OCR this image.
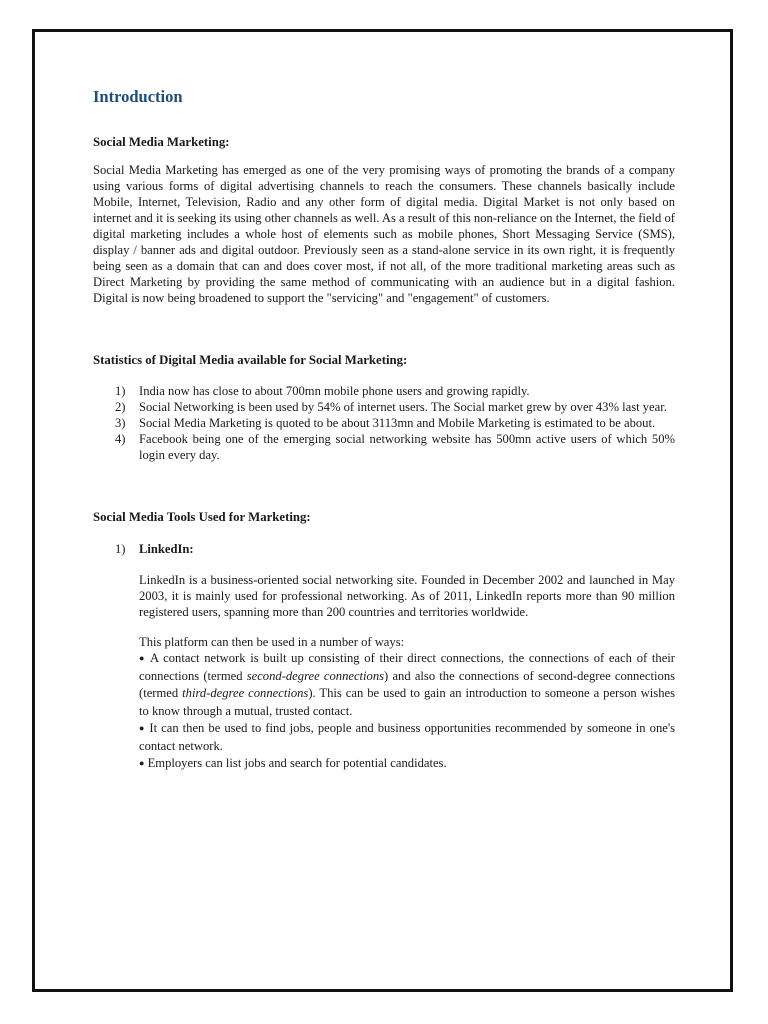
Introduction
Social Media Marketing:

Social Media Marketing has emerged as one of the very promising ways of promoting the brands of a company using various forms of digital advertising channels to reach the consumers. These channels basically include Mobile, Internet, Television, Radio and any other form of digital media. Digital Market is not only based on internet and it is seeking its using other channels as well. As a result of this non-reliance on the Internet, the field of digital marketing includes a whole host of elements such as mobile phones, Short Messaging Service (SMS), display / banner ads and digital outdoor. Previously seen as a stand-alone service in its own right, it is frequently being seen as a domain that can and does cover most, if not all, of the more traditional marketing areas such as Direct Marketing by providing the same method of communicating with an audience but in a digital fashion. Digital is now being broadened to support the "servicing" and "engagement" of customers.

Statistics of Digital Media available for Social Marketing:
1) India now has close to about 700mn mobile phone users and growing rapidly.
2) Social Networking is been used by 54% of internet users. The Social market grew by over 43% last year.
3) Social Media Marketing is quoted to be about 3113mn and Mobile Marketing is estimated to be about.
4) Facebook being one of the emerging social networking website has 500mn active users of which 50% login every day.
Social Media Tools Used for Marketing:
1) LinkedIn:

LinkedIn is a business-oriented social networking site. Founded in December 2002 and launched in May 2003, it is mainly used for professional networking. As of 2011, LinkedIn reports more than 90 million registered users, spanning more than 200 countries and territories worldwide.

This platform can then be used in a number of ways:

● A contact network is built up consisting of their direct connections, the connections of each of their connections (termed second-degree connections) and also the connections of second-degree connections (termed third-degree connections). This can be used to gain an introduction to someone a person wishes to know through a mutual, trusted contact.
● It can then be used to find jobs, people and business opportunities recommended by someone in one's contact network.
● Employers can list jobs and search for potential candidates.
